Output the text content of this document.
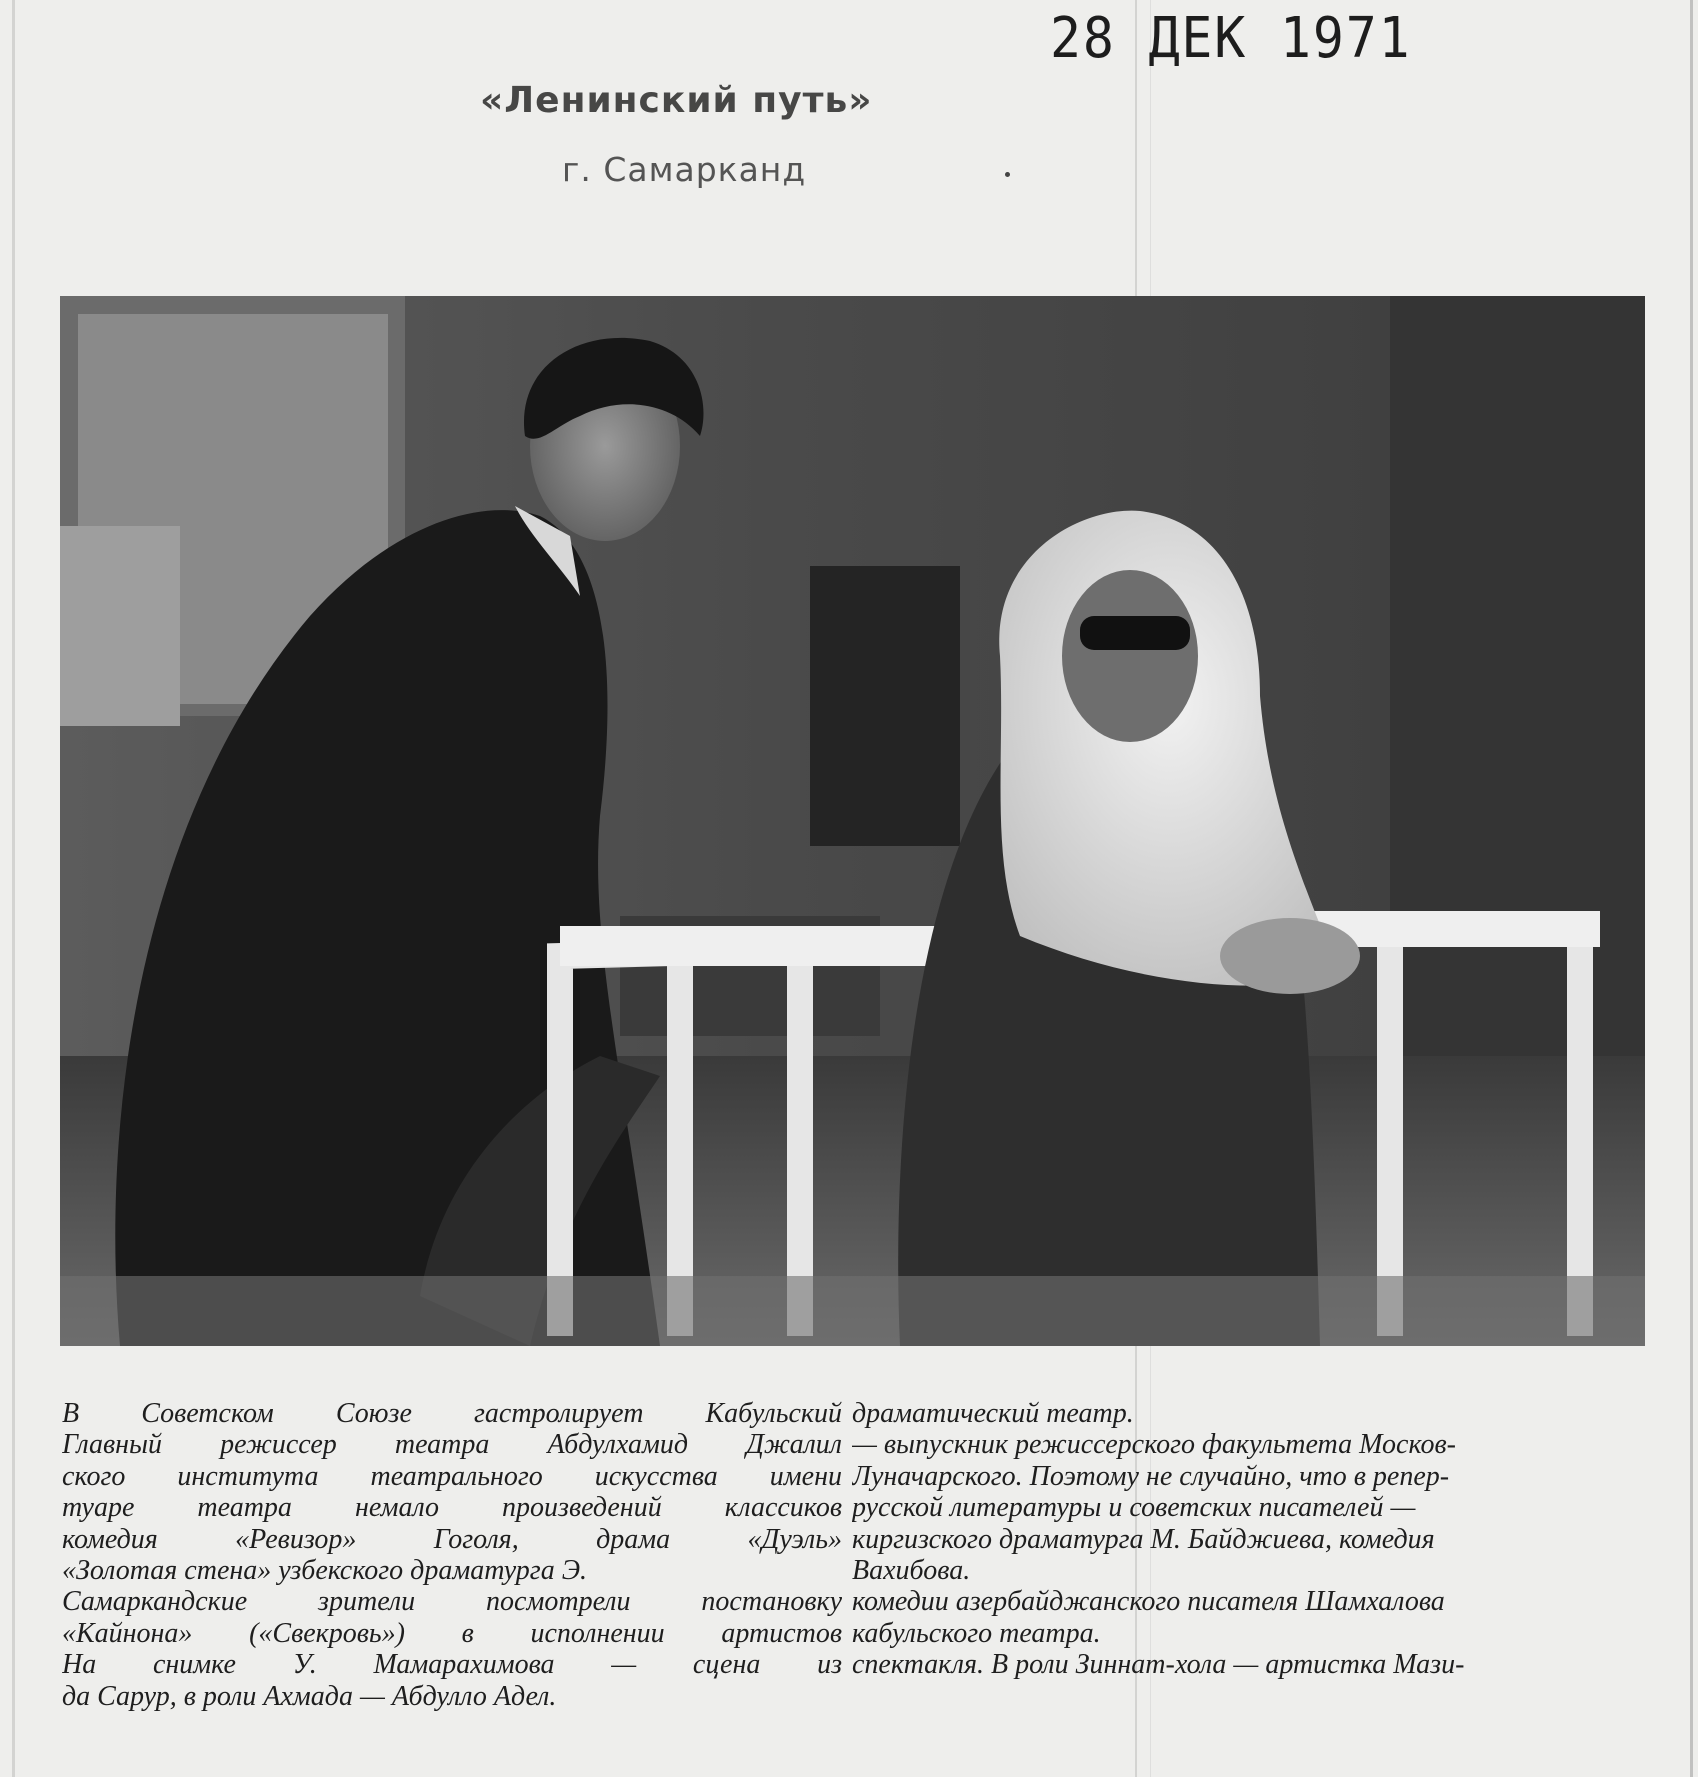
28 ДЕК 1971
«Ленинский путь»
г. Самарканд
В Советском Союзе гастролирует Кабульский драматический театр.
Главный режиссер театра Абдулхамид Джалил — выпускник режиссерского факультета Москов-
ского института театрального искусства имени Луначарского. Поэтому не случайно, что в репер-
туаре театра немало произведений классиков русской литературы и советских писателей —
комедия «Ревизор» Гоголя, драма «Дуэль» киргизского драматурга М. Байджиева, комедия
«Золотая стена» узбекского драматурга Э.	Вахибова.
Самаркандские зрители посмотрели постановку комедии азербайджанского писателя Шамхалова
«Кайнона» («Свекровь») в исполнении артистов кабульского театра.
На снимке У. Мамарахимова — сцена из спектакля. В роли Зиннат-хола — артистка Мази-
да Сарур, в роли Ахмада — Абдулло Адел.
